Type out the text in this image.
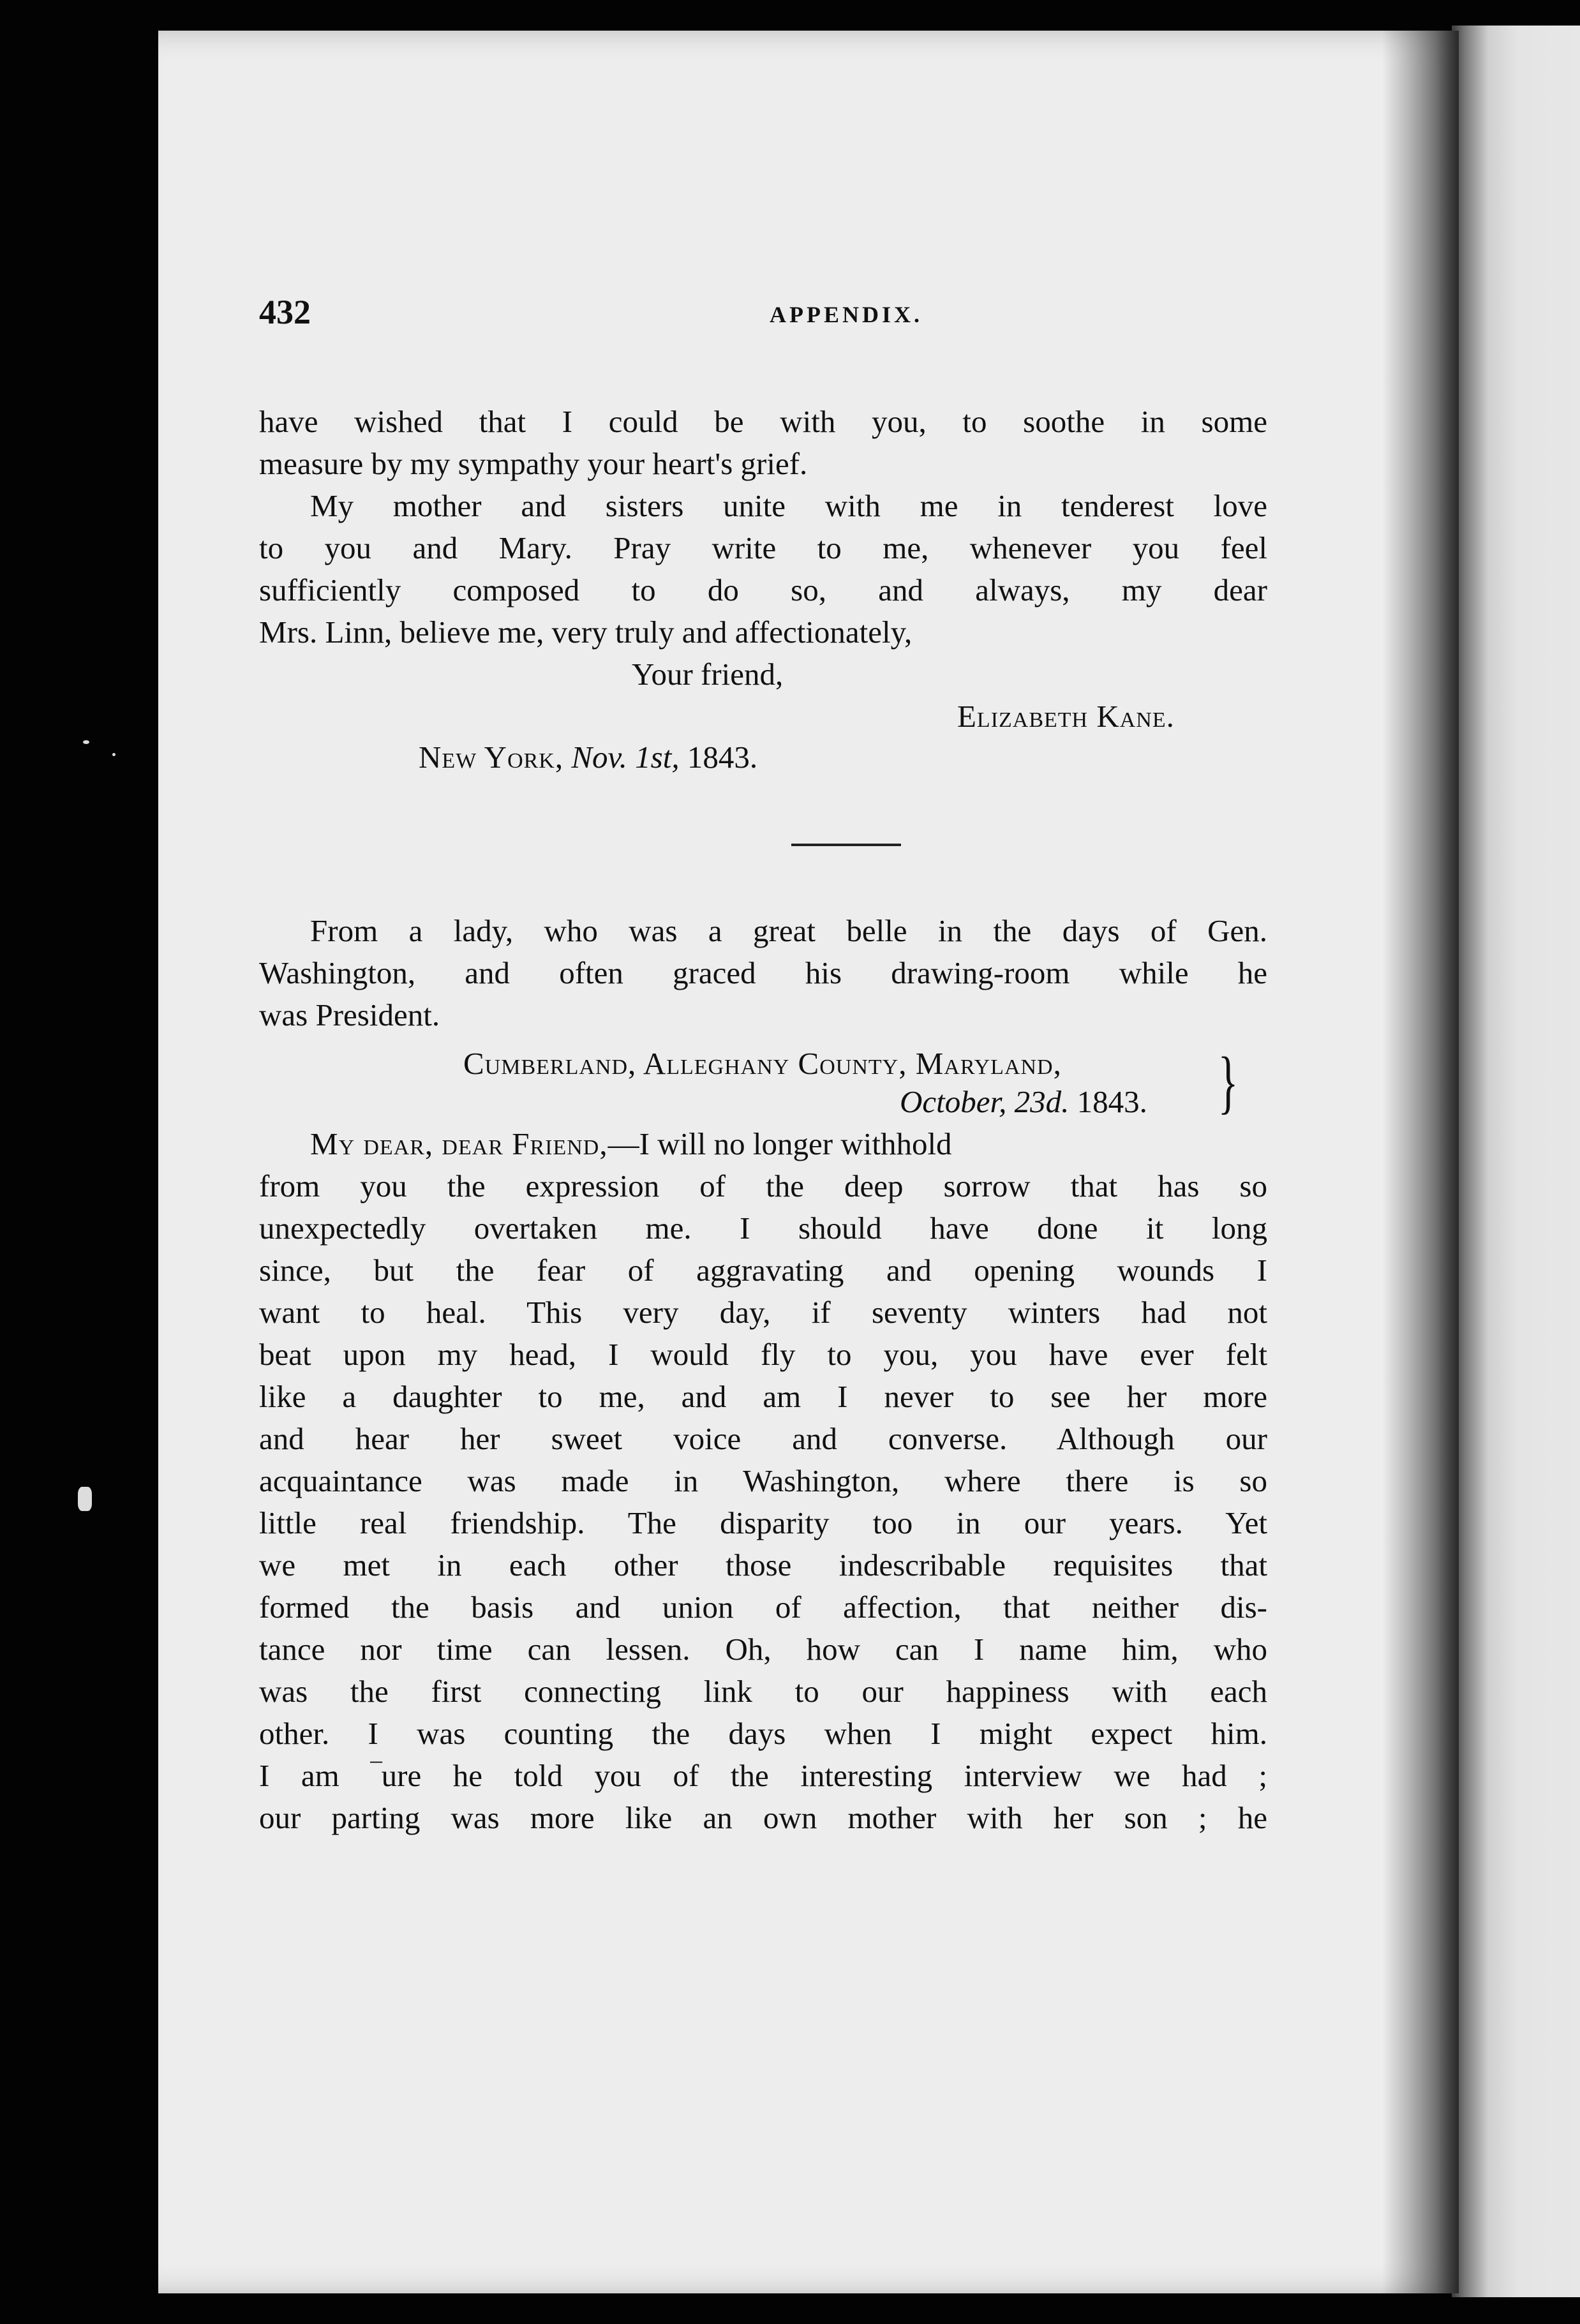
432	APPENDIX.
have wished that I could be with you, to soothe in some
measure by my sympathy your heart's grief.
My mother and sisters unite with me in tenderest love
to you and Mary. Pray write to me, whenever you feel
sufficiently composed to do so, and always, my dear
Mrs. Linn, believe me, very truly and affectionately,
Your friend,
Elizabeth Kane.
New York, Nov. 1st, 1843.
From a lady, who was a great belle in the days of Gen.
Washington, and often graced his drawing-room while he
was President.
Cumberland, Alleghany County, Maryland,
October, 23d. 1843. }
My dear, dear Friend,—I will no longer withhold
from you the expression of the deep sorrow that has so
unexpectedly overtaken me. I should have done it long
since, but the fear of aggravating and opening wounds I
want to heal. This very day, if seventy winters had not
beat upon my head, I would fly to you, you have ever felt
like a daughter to me, and am I never to see her more
and hear her sweet voice and converse. Although our
acquaintance was made in Washington, where there is so
little real friendship. The disparity too in our years. Yet
we met in each other those indescribable requisites that
formed the basis and union of affection, that neither dis-
tance nor time can lessen. Oh, how can I name him, who
was the first connecting link to our happiness with each
other. I was counting the days when I might expect him.
I am ‾ure he told you of the interesting interview we had ;
our parting was more like an own mother with her son ; he
